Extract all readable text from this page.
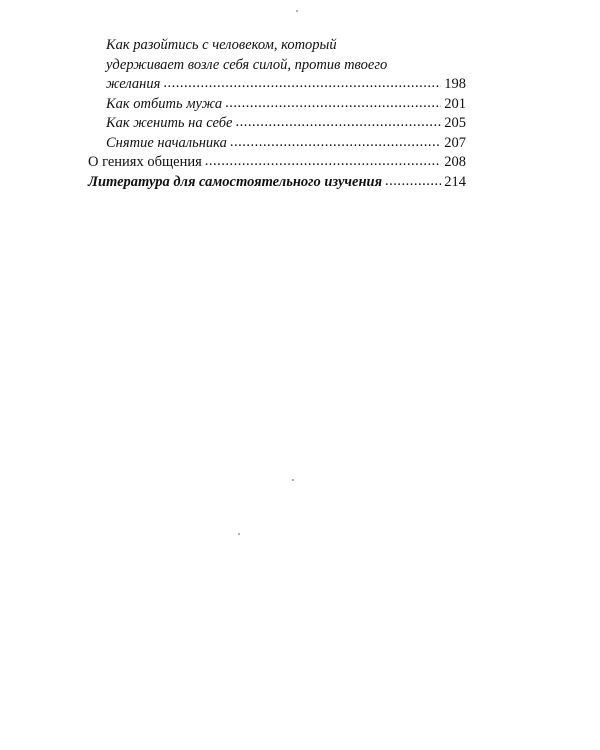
Как разойтись с человеком, который
удерживает возле себя силой, против твоего
желания .....	198
Как отбить мужа .....	201
Как женить на себе .....	205
Снятие начальника .....	207
О гениях общения .....	208
Литература для самостоятельного изучения .....	214
